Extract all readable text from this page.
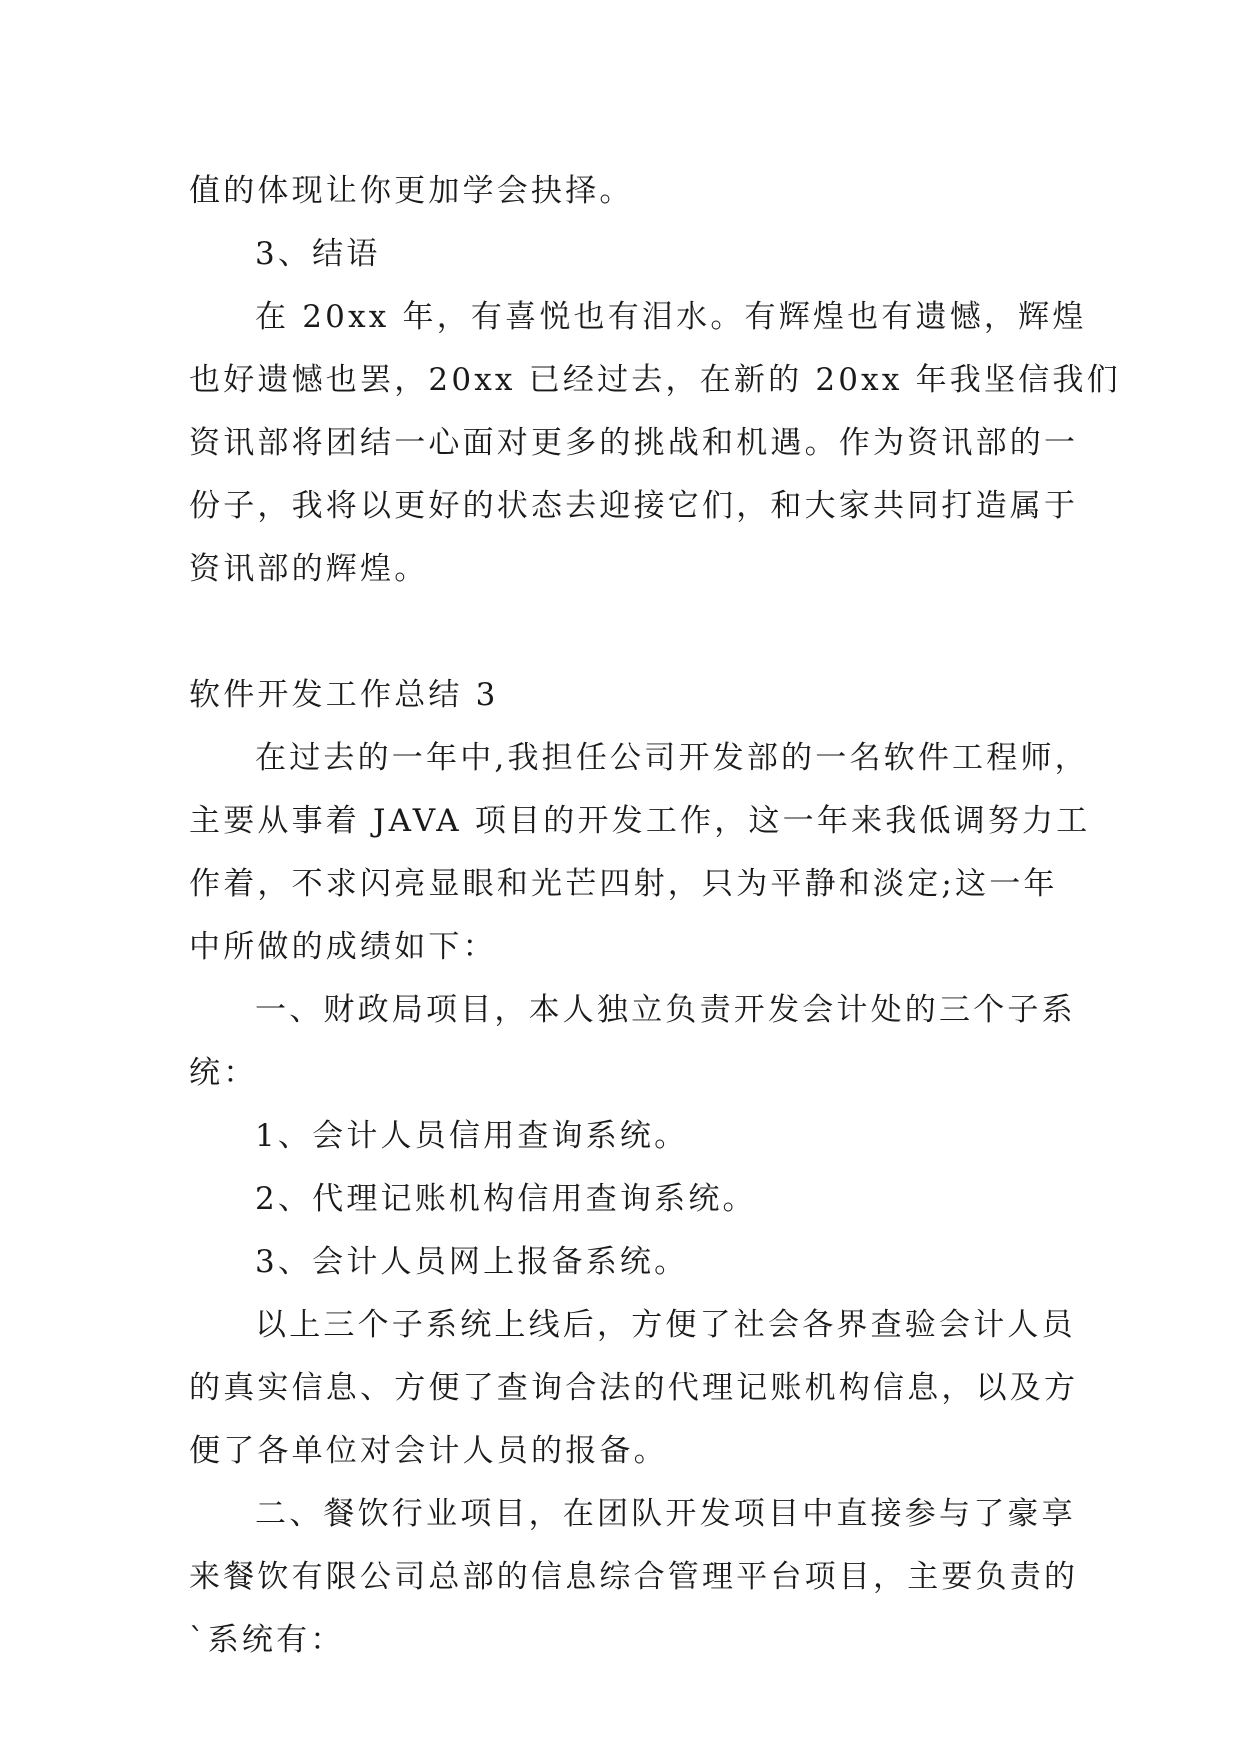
值的体现让你更加学会抉择。
3、结语
在 20xx 年，有喜悦也有泪水。有辉煌也有遗憾，辉煌
也好遗憾也罢，20xx 已经过去，在新的 20xx 年我坚信我们
资讯部将团结一心面对更多的挑战和机遇。作为资讯部的一
份子，我将以更好的状态去迎接它们，和大家共同打造属于
资讯部的辉煌。
软件开发工作总结 3
在过去的一年中,我担任公司开发部的一名软件工程师，
主要从事着 JAVA 项目的开发工作，这一年来我低调努力工
作着，不求闪亮显眼和光芒四射，只为平静和淡定;这一年
中所做的成绩如下：
一、财政局项目，本人独立负责开发会计处的三个子系
统：
1、会计人员信用查询系统。
2、代理记账机构信用查询系统。
3、会计人员网上报备系统。
以上三个子系统上线后，方便了社会各界查验会计人员
的真实信息、方便了查询合法的代理记账机构信息，以及方
便了各单位对会计人员的报备。
二、餐饮行业项目，在团队开发项目中直接参与了豪享
来餐饮有限公司总部的信息综合管理平台项目，主要负责的
`系统有：
